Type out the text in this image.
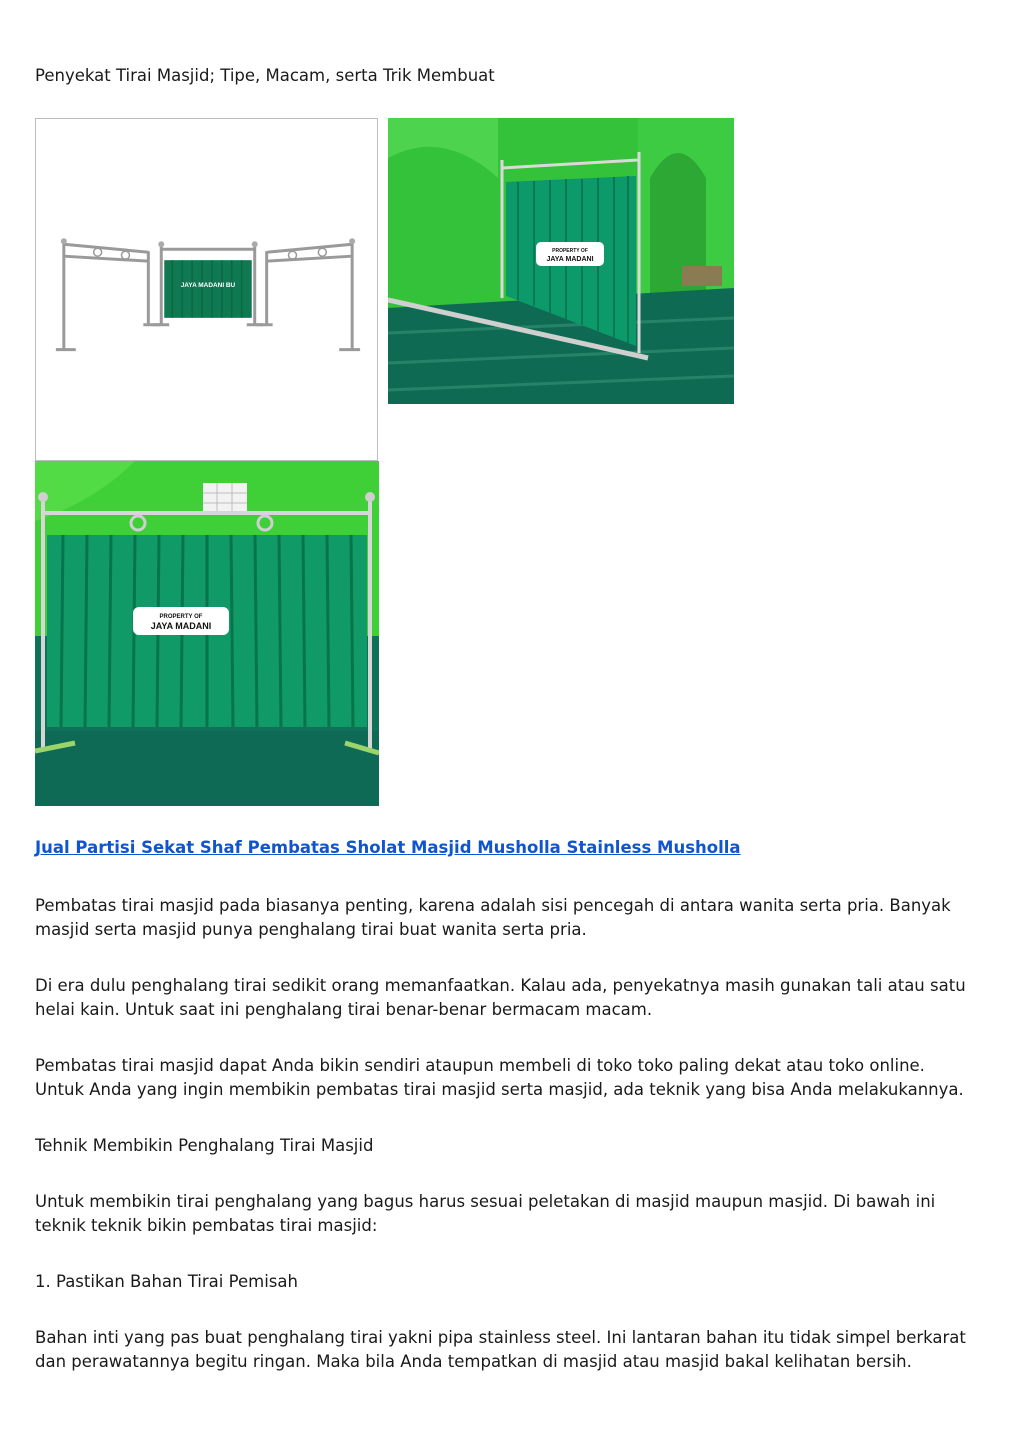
Penyekat Tirai Masjid; Tipe, Macam, serta Trik Membuat
JAYA MADANI BU
PROPERTY OF
JAYA MADANI
PROPERTY OF
JAYA MADANI
Jual Partisi Sekat Shaf Pembatas Sholat Masjid Musholla Stainless Musholla

Pembatas tirai masjid pada biasanya penting, karena adalah sisi pencegah di antara wanita serta pria. Banyak masjid serta masjid punya penghalang tirai buat wanita serta pria.

Di era dulu penghalang tirai sedikit orang memanfaatkan. Kalau ada, penyekatnya masih gunakan tali atau satu helai kain. Untuk saat ini penghalang tirai benar-benar bermacam macam.

Pembatas tirai masjid dapat Anda bikin sendiri ataupun membeli di toko toko paling dekat atau toko online. Untuk Anda yang ingin membikin pembatas tirai masjid serta masjid, ada teknik yang bisa Anda melakukannya.

Tehnik Membikin Penghalang Tirai Masjid

Untuk membikin tirai penghalang yang bagus harus sesuai peletakan di masjid maupun masjid. Di bawah ini teknik teknik bikin pembatas tirai masjid:

1. Pastikan Bahan Tirai Pemisah

Bahan inti yang pas buat penghalang tirai yakni pipa stainless steel. Ini lantaran bahan itu tidak simpel berkarat dan perawatannya begitu ringan. Maka bila Anda tempatkan di masjid atau masjid bakal kelihatan bersih.
